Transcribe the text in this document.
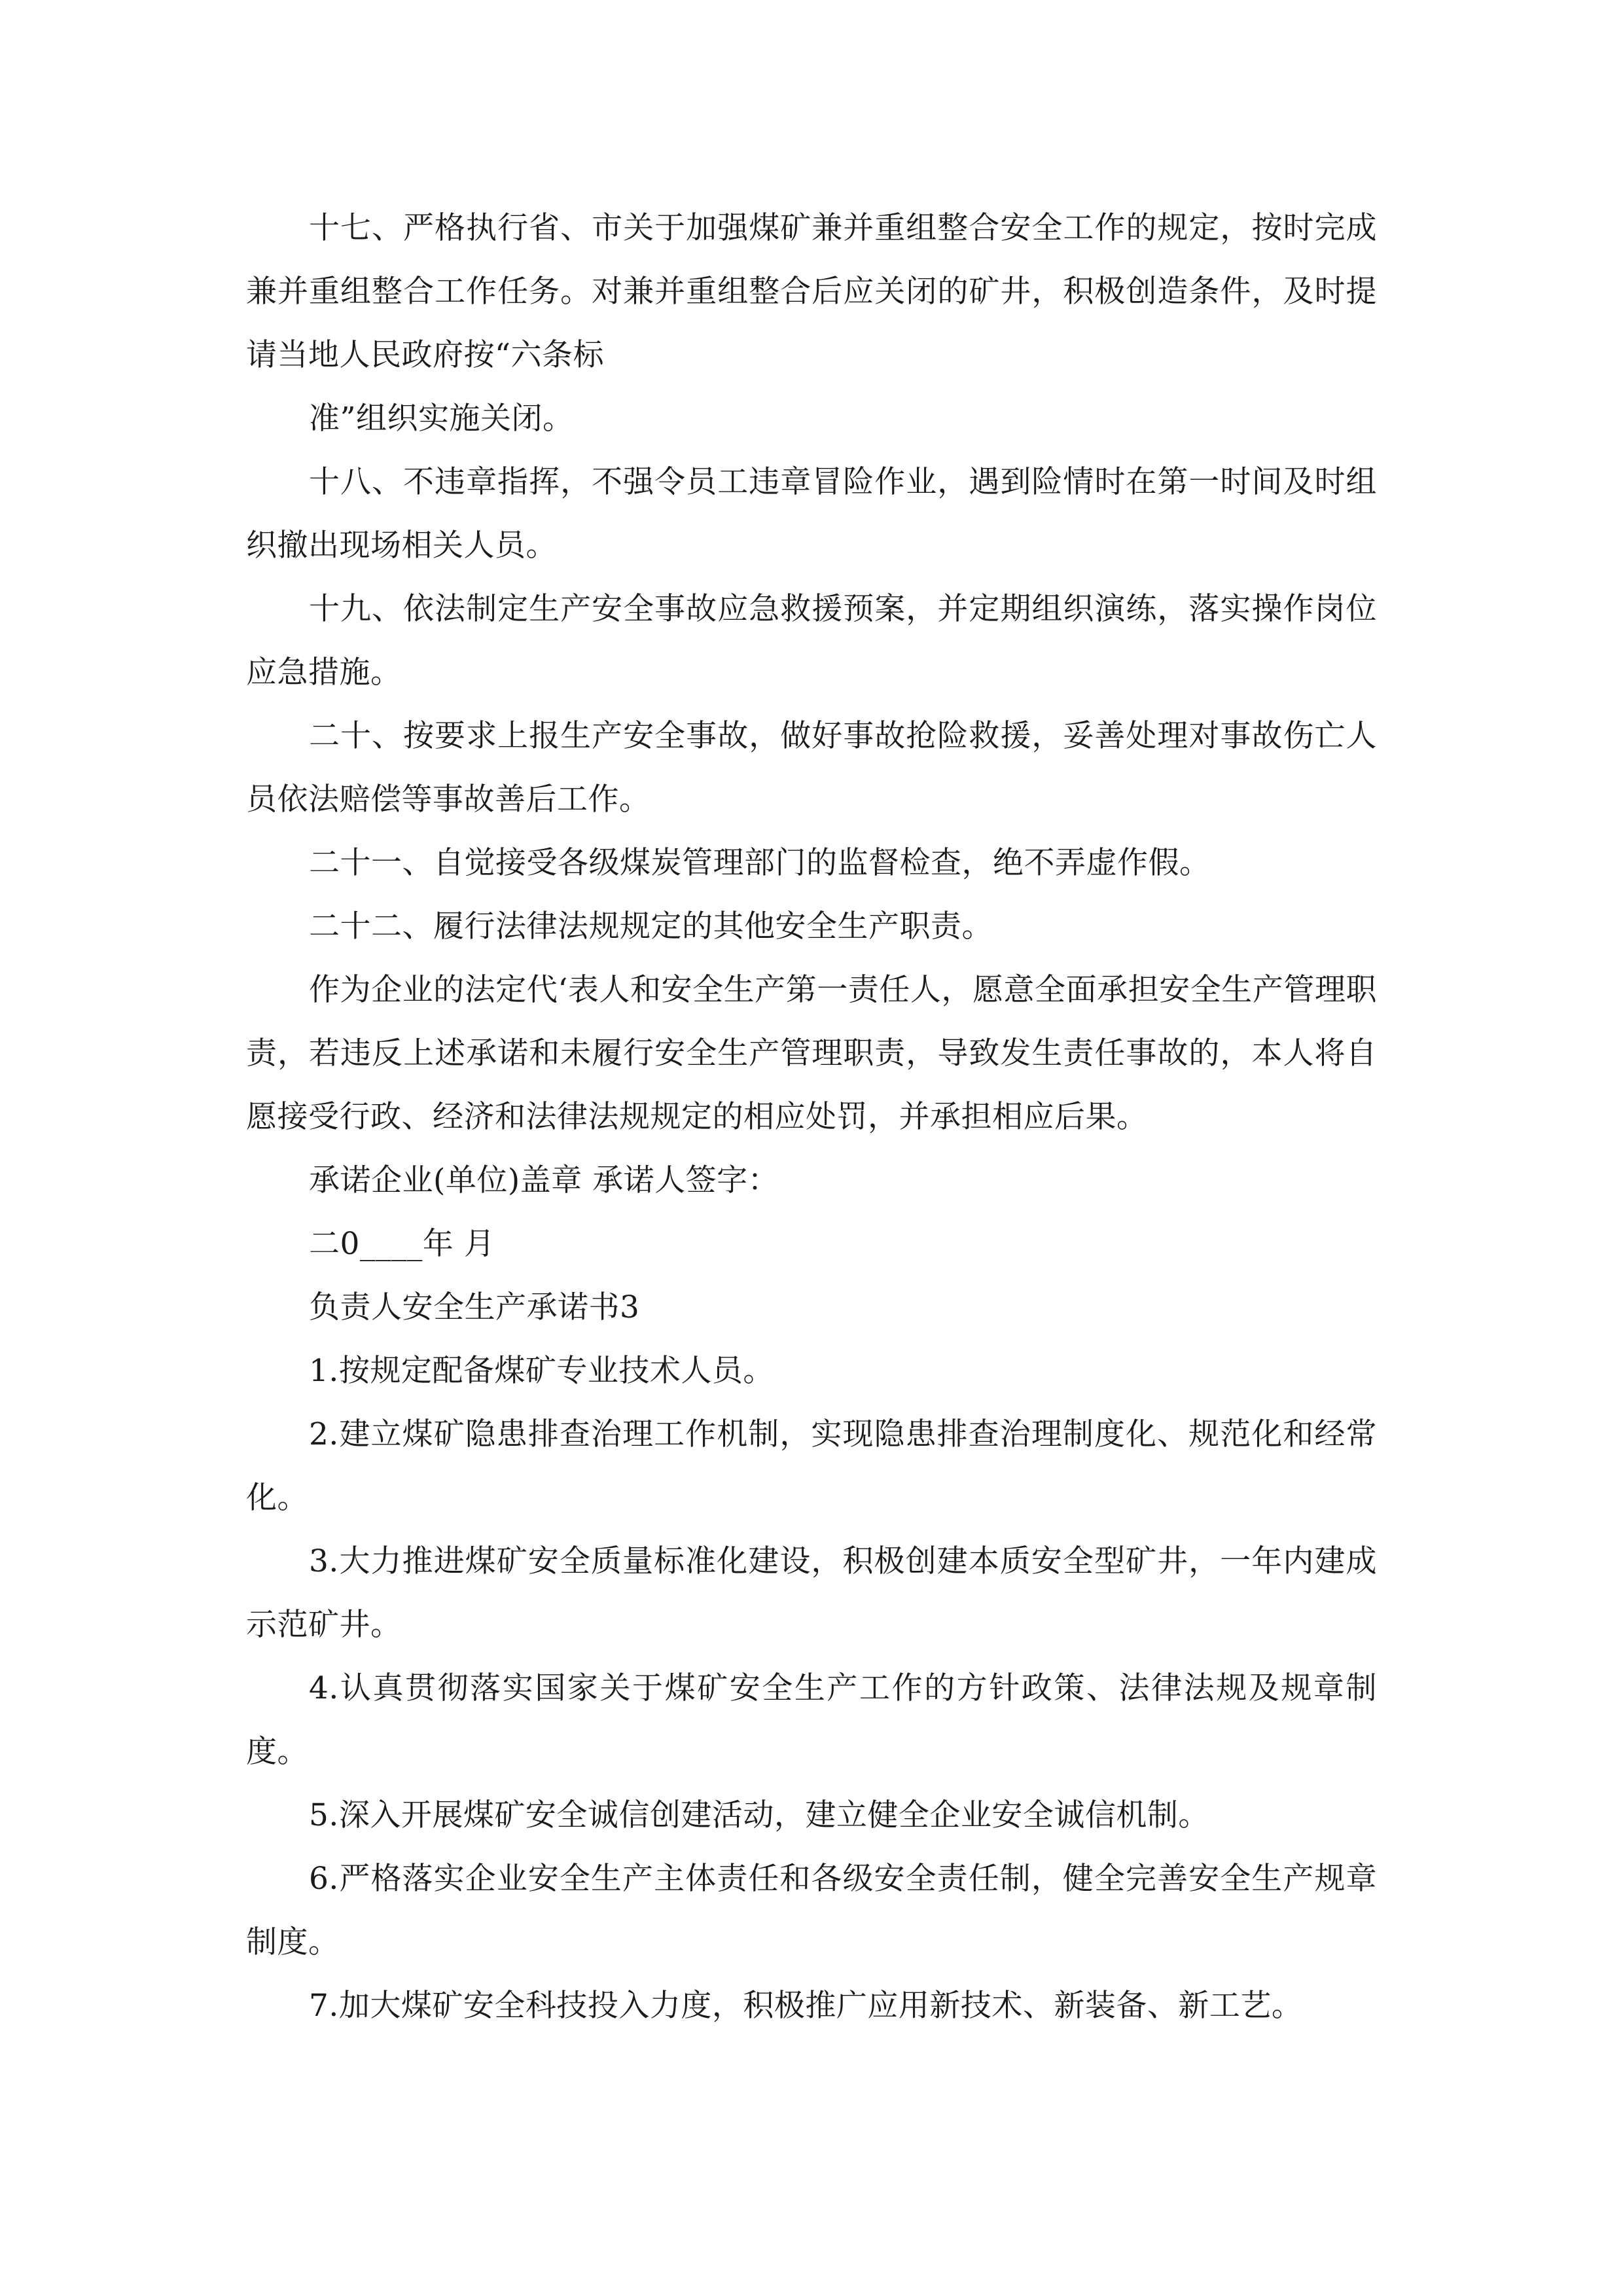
十七、严格执行省、市关于加强煤矿兼并重组整合安全工作的规定，按时完成兼并重组整合工作任务。对兼并重组整合后应关闭的矿井，积极创造条件，及时提请当地人民政府按“六条标

准”组织实施关闭。

十八、不违章指挥，不强令员工违章冒险作业，遇到险情时在第一时间及时组织撤出现场相关人员。

十九、依法制定生产安全事故应急救援预案，并定期组织演练，落实操作岗位应急措施。

二十、按要求上报生产安全事故，做好事故抢险救援，妥善处理对事故伤亡人员依法赔偿等事故善后工作。

二十一、自觉接受各级煤炭管理部门的监督检查，绝不弄虚作假。

二十二、履行法律法规规定的其他安全生产职责。

作为企业的法定代‘表人和安全生产第一责任人，愿意全面承担安全生产管理职责，若违反上述承诺和未履行安全生产管理职责，导致发生责任事故的，本人将自愿接受行政、经济和法律法规规定的相应处罚，并承担相应后果。

承诺企业(单位)盖章 承诺人签字：

二0____年 月

负责人安全生产承诺书3

1.按规定配备煤矿专业技术人员。

2.建立煤矿隐患排查治理工作机制，实现隐患排查治理制度化、规范化和经常化。

3.大力推进煤矿安全质量标准化建设，积极创建本质安全型矿井，一年内建成示范矿井。

4.认真贯彻落实国家关于煤矿安全生产工作的方针政策、法律法规及规章制度。

5.深入开展煤矿安全诚信创建活动，建立健全企业安全诚信机制。

6.严格落实企业安全生产主体责任和各级安全责任制，健全完善安全生产规章制度。

7.加大煤矿安全科技投入力度，积极推广应用新技术、新装备、新工艺。
